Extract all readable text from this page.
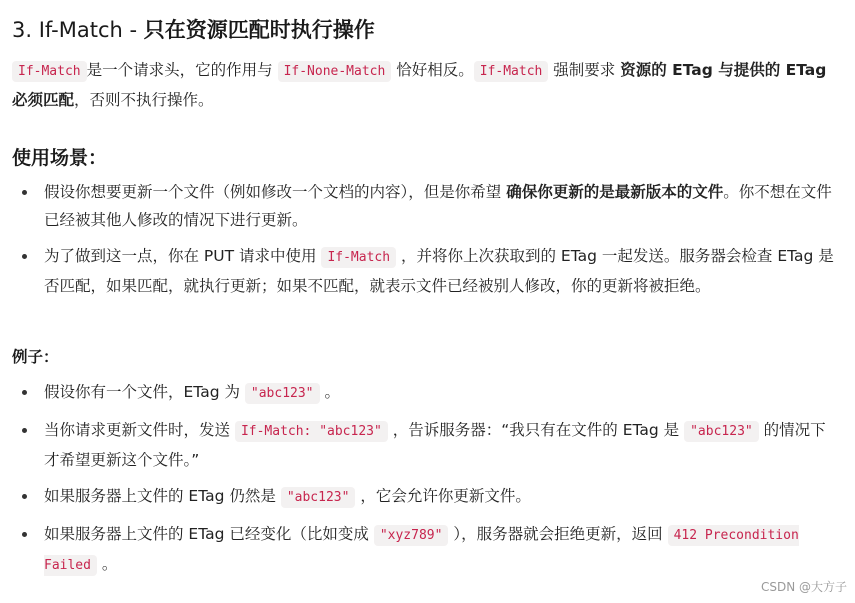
3. If-Match - 只在资源匹配时执行操作
If-Match 是一个请求头，它的作用与 If-None-Match 恰好相反。 If-Match 强制要求 资源的 ETag 与提供的 ETag 必须匹配，否则不执行操作。
使用场景：
假设你想要更新一个文件（例如修改一个文档的内容），但是你希望 确保你更新的是最新版本的文件。你不想在文件已经被其他人修改的情况下进行更新。
为了做到这一点，你在 PUT 请求中使用 If-Match ，并将你上次获取到的 ETag 一起发送。服务器会检查 ETag 是否匹配，如果匹配，就执行更新；如果不匹配，就表示文件已经被别人修改，你的更新将被拒绝。
例子：
假设你有一个文件，ETag 为 "abc123" 。
当你请求更新文件时，发送 If-Match: "abc123" ，告诉服务器：“我只有在文件的 ETag 是 "abc123" 的情况下才希望更新这个文件。”
如果服务器上文件的 ETag 仍然是 "abc123" ，它会允许你更新文件。
如果服务器上文件的 ETag 已经变化（比如变成 "xyz789" ），服务器就会拒绝更新，返回 412 Precondition Failed 。
CSDN @大方子
